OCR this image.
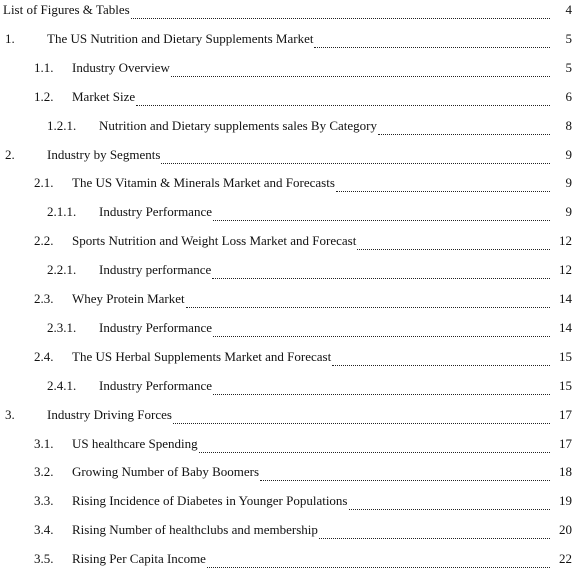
List of Figures & Tables	4
1.	The US Nutrition and Dietary Supplements Market	5
1.1.	Industry Overview	5
1.2.	Market Size	6
1.2.1.	Nutrition and Dietary supplements sales By Category	8
2.	Industry by Segments	9
2.1.	The US Vitamin & Minerals Market and Forecasts	9
2.1.1.	Industry Performance	9
2.2.	Sports Nutrition and Weight Loss Market and Forecast	12
2.2.1.	Industry performance	12
2.3.	Whey Protein Market	14
2.3.1.	Industry Performance	14
2.4.	The US Herbal Supplements Market and Forecast	15
2.4.1.	Industry Performance	15
3.	Industry Driving Forces	17
3.1.	US healthcare Spending	17
3.2.	Growing Number of Baby Boomers	18
3.3.	Rising Incidence of Diabetes in Younger Populations	19
3.4.	Rising Number of healthclubs and membership	20
3.5.	Rising Per Capita Income	22
